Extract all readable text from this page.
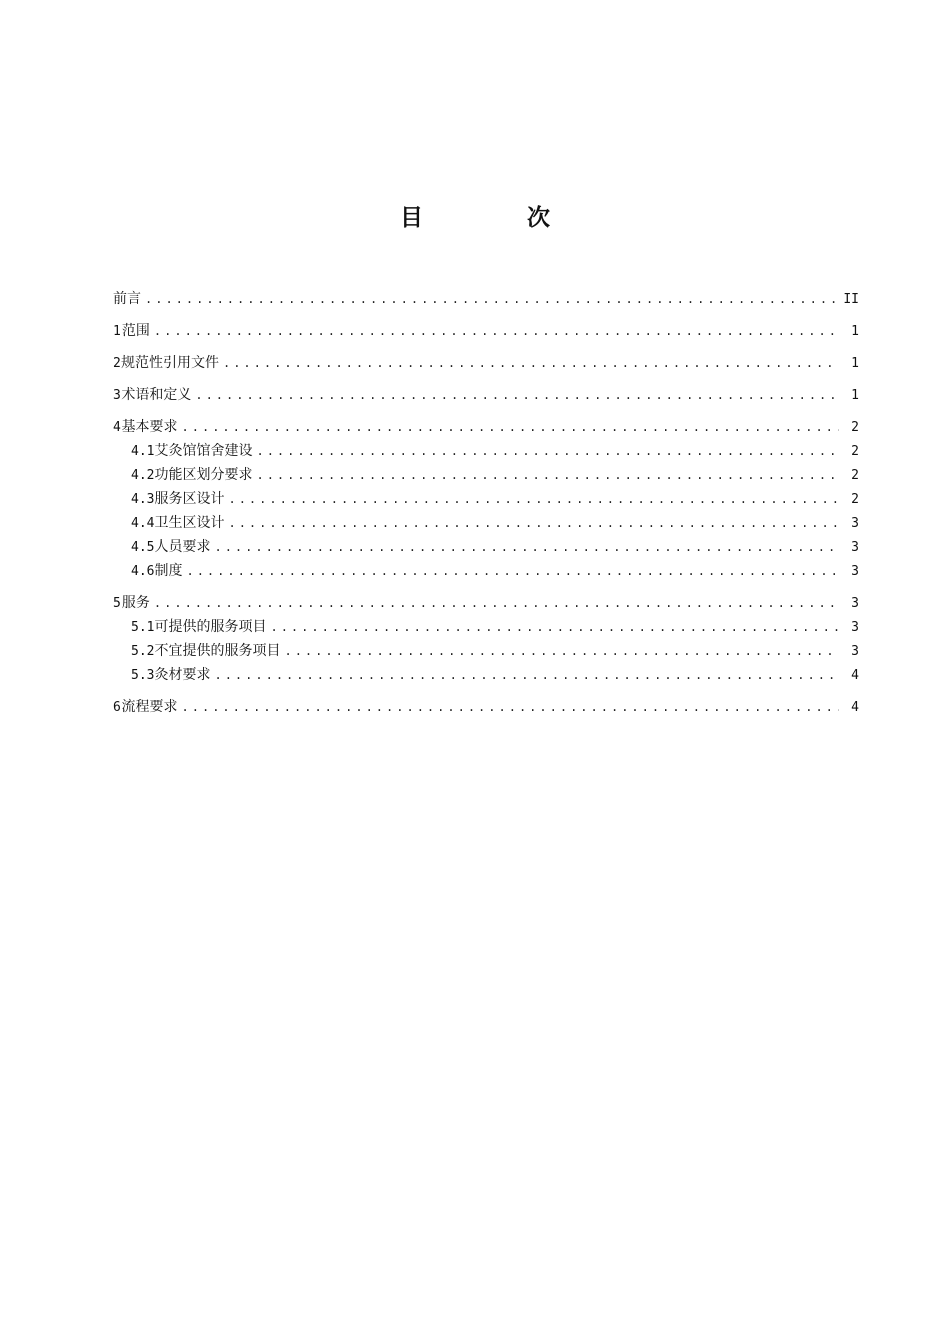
目 次
前言 .....	II
1 范围 .....	1
2 规范性引用文件 .....	1
3 术语和定义 .....	1
4 基本要求 .....	2
4.1 艾灸馆馆舍建设 .....	2
4.2 功能区划分要求 .....	2
4.3 服务区设计 .....	2
4.4 卫生区设计 .....	3
4.5 人员要求 .....	3
4.6 制度 .....	3
5 服务 .....	3
5.1 可提供的服务项目 .....	3
5.2 不宜提供的服务项目 .....	3
5.3 灸材要求 .....	4
6 流程要求 .....	4
